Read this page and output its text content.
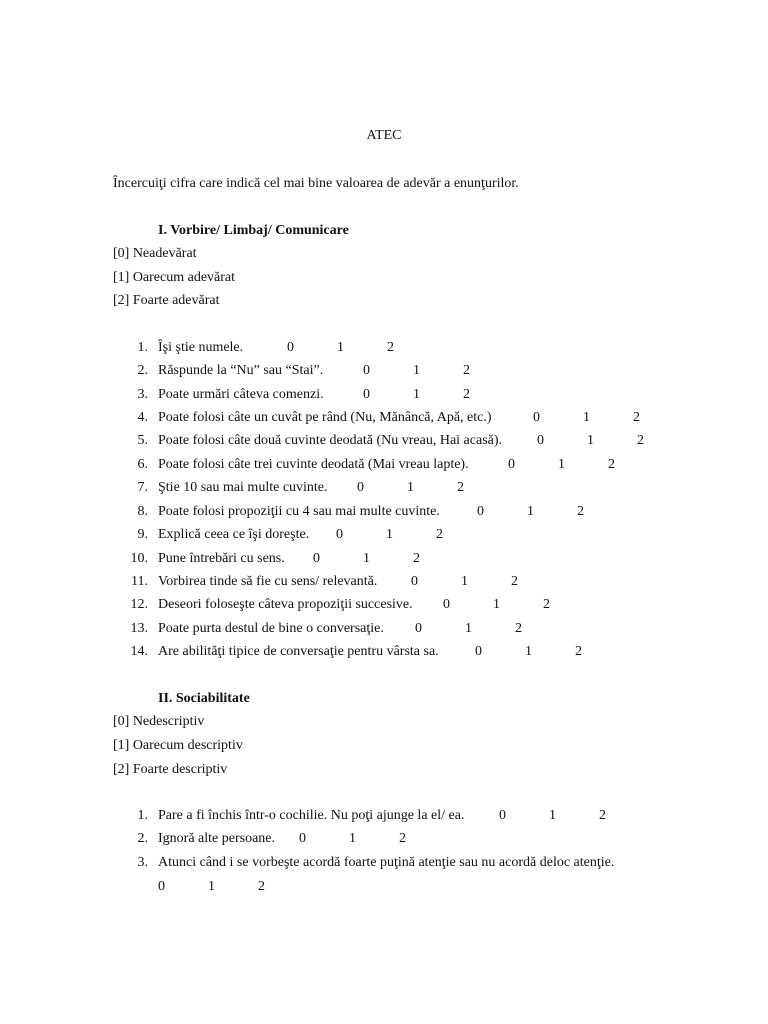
ATEC
Încercuiţi cifra care indică cel mai bine valoarea de adevăr a enunţurilor.
I. Vorbire/ Limbaj/ Comunicare
[0] Neadevărat
[1] Oarecum adevărat
[2] Foarte adevărat
1. Îşi ştie numele.	0	1	2
2. Răspunde la “Nu” sau “Stai”.	0	1	2
3. Poate urmări câteva comenzi.	0	1	2
4. Poate folosi câte un cuvât pe rând (Nu, Mănâncă, Apă, etc.)	0	1	2
5. Poate folosi câte două cuvinte deodată (Nu vreau, Hai acasă). 0	1	2
6. Poate folosi câte trei cuvinte deodată (Mai vreau lapte).	0	1	2
7. Ştie 10 sau mai multe cuvinte. 0	1	2
8. Poate folosi propoziţii cu 4 sau mai multe cuvinte.	0	1	2
9. Explică ceea ce îşi doreşte. 0	1	2
10. Pune întrebări cu sens. 0	1	2
11. Vorbirea tinde să fie cu sens/ relevantă. 0	1	2
12. Deseori foloseşte câteva propoziţii succesive. 0	1	2
13. Poate purta destul de bine o conversaţie. 0	1	2
14. Are abilităţi tipice de conversaţie pentru vârsta sa.	0	1	2
II. Sociabilitate
[0] Nedescriptiv
[1] Oarecum descriptiv
[2] Foarte descriptiv
1. Pare a fi închis într-o cochilie. Nu poţi ajunge la el/ ea. 0	1	2
2. Ignoră alte persoane. 0	1	2
3. Atunci când i se vorbeşte acordă foarte puţină atenţie sau nu acordă deloc atenţie.
0	1	2
